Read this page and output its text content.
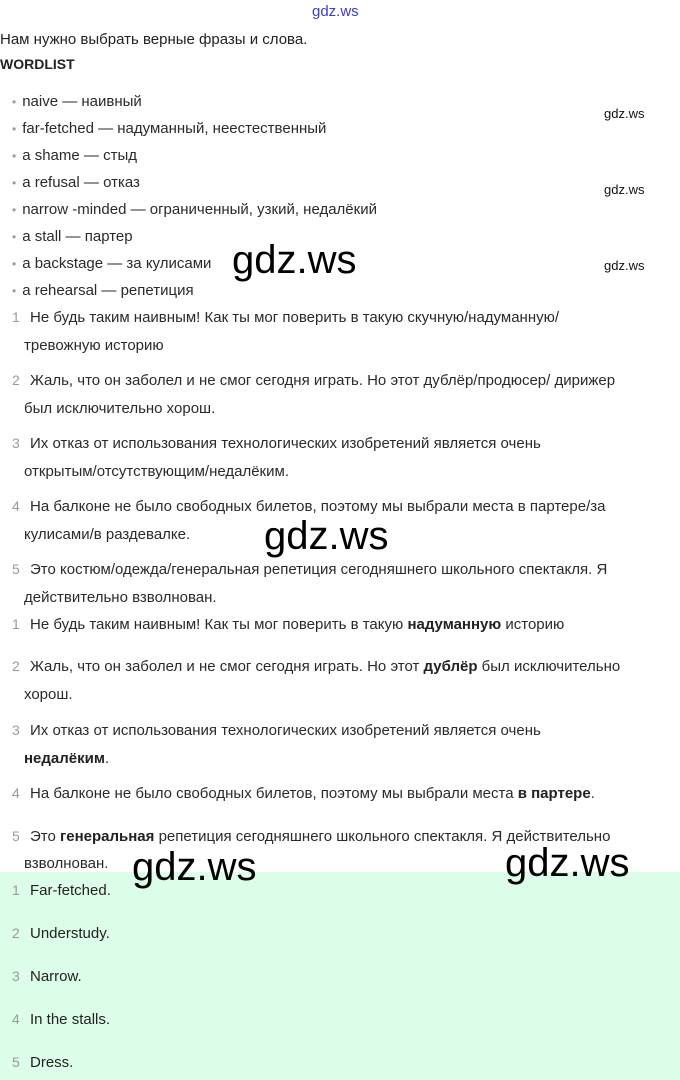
gdz.ws
Нам нужно выбрать верные фразы и слова.
WORDLIST
• naive — наивный
• far-fetched — надуманный, неестественный
• a shame — стыд
• a refusal — отказ
• narrow -minded — ограниченный, узкий, недалёкий
• a stall — партер
• a backstage — за кулисами
• a rehearsal — репетиция
gdz.ws
gdz.ws
gdz.ws
1 Не будь таким наивным! Как ты мог поверить в такую скучную/надуманную/
тревожную историю
2 Жаль, что он заболел и не смог сегодня играть. Но этот дублёр/продюсер/ дирижер
был исключительно хорош.
3 Их отказ от использования технологических изобретений является очень
открытым/отсутствующим/недалёким.
4 На балконе не было свободных билетов, поэтому мы выбрали места в партере/за
кулисами/в раздевалке.
5 Это костюм/одежда/генеральная репетиция сегодняшнего школьного спектакля. Я
действительно взволнован.
1 Не будь таким наивным! Как ты мог поверить в такую надуманную историю
2 Жаль, что он заболел и не смог сегодня играть. Но этот дублёр был исключительно
хорош.
3 Их отказ от использования технологических изобретений является очень
недалёким.
4 На балконе не было свободных билетов, поэтому мы выбрали места в партере.
5 Это генеральная репетиция сегодняшнего школьного спектакля. Я действительно
взволнован.
1 Far-fetched.
2 Understudy.
3 Narrow.
4 In the stalls.
5 Dress.
gdz.ws
gdz.ws
gdz.ws	gdz.ws
